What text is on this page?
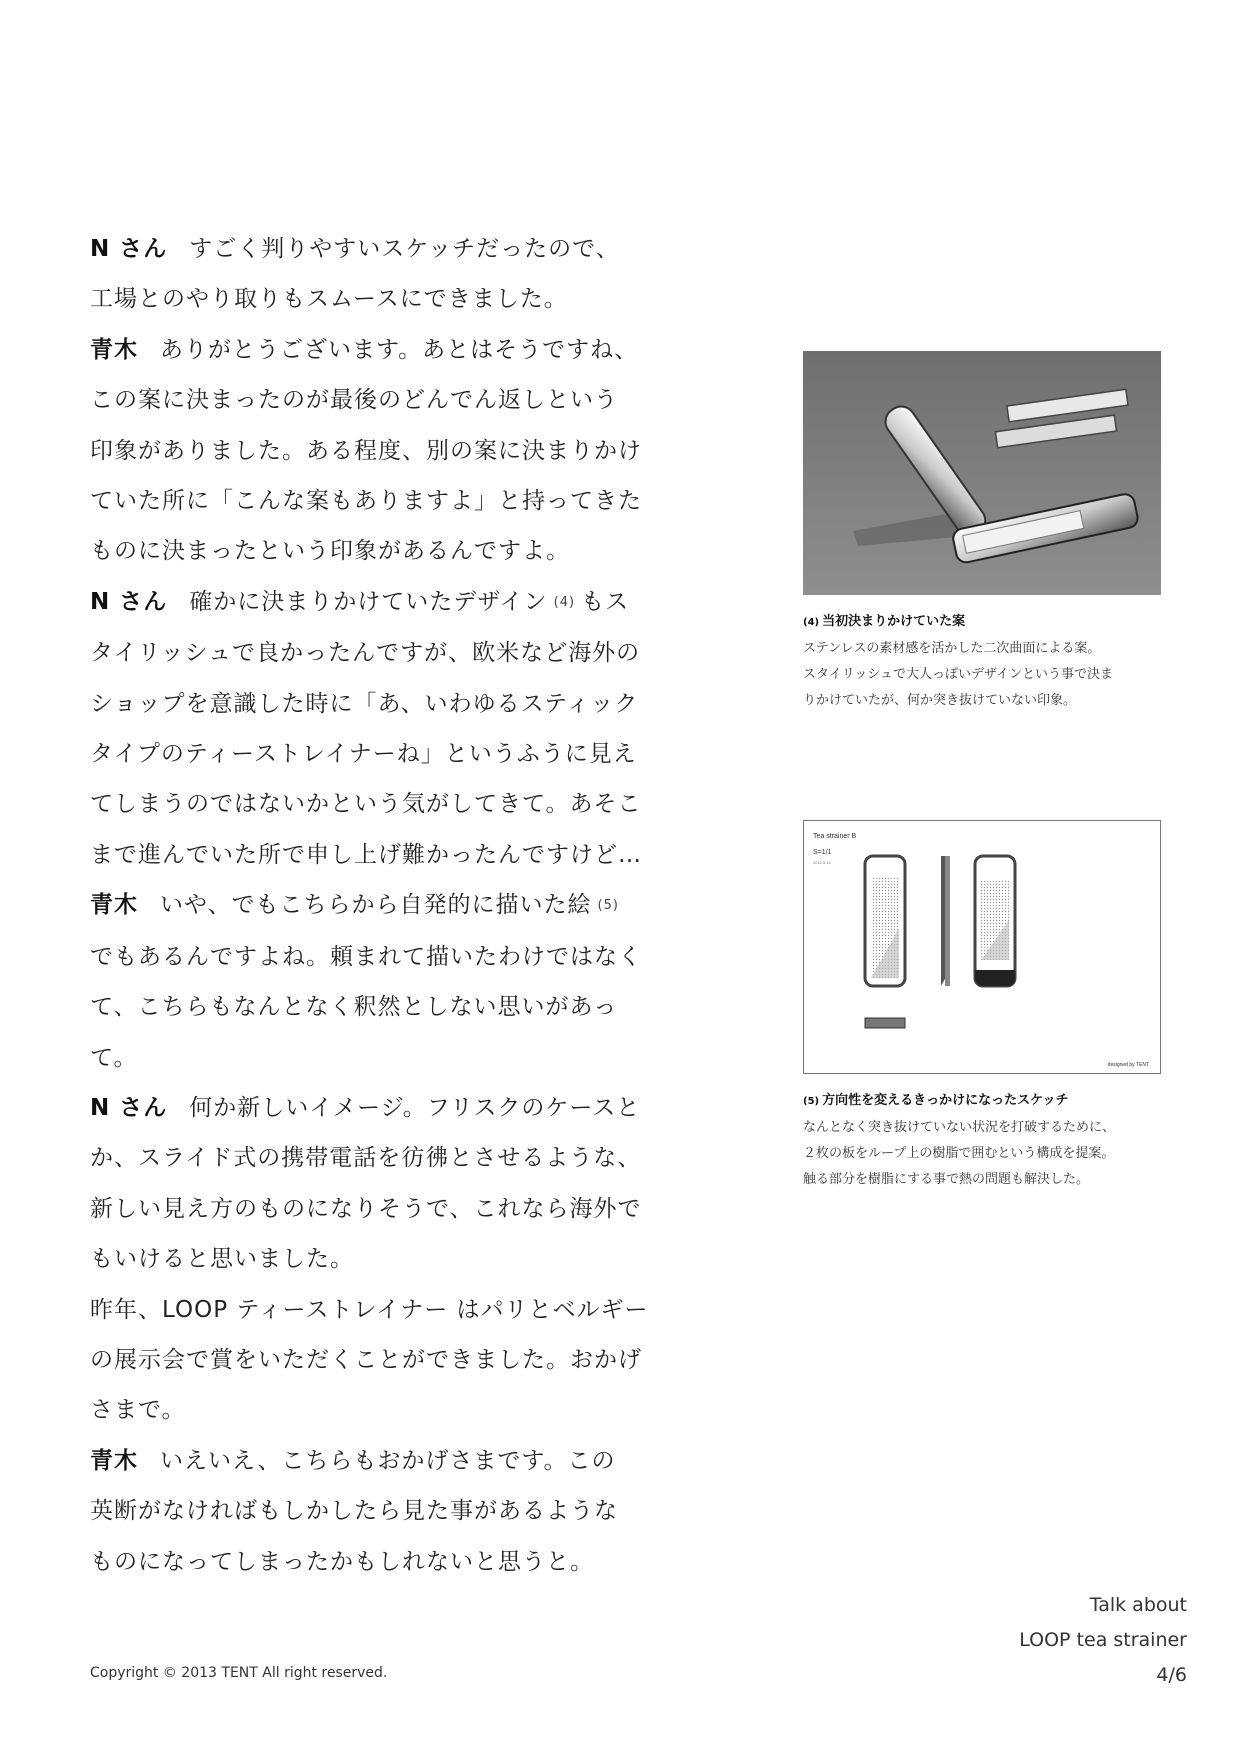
N さん すごく判りやすいスケッチだったので、
工場とのやり取りもスムースにできました。

青木 ありがとうございます。あとはそうですね、
この案に決まったのが最後のどんでん返しという
印象がありました。ある程度、別の案に決まりかけ
ていた所に「こんな案もありますよ」と持ってきた
ものに決まったという印象があるんですよ。

N さん 確かに決まりかけていたデザイン (4) もス
タイリッシュで良かったんですが、欧米など海外の
ショップを意識した時に「あ、いわゆるスティック
タイプのティーストレイナーね」というふうに見え
てしまうのではないかという気がしてきて。あそこ
まで進んでいた所で申し上げ難かったんですけど…

青木 いや、でもこちらから自発的に描いた絵 (5)
でもあるんですよね。頼まれて描いたわけではなく
て、こちらもなんとなく釈然としない思いがあって。

N さん 何か新しいイメージ。フリスクのケースと
か、スライド式の携帯電話を彷彿とさせるような、
新しい見え方のものになりそうで、これなら海外で
もいけると思いました。
昨年、LOOP ティーストレイナー はパリとベルギー
の展示会で賞をいただくことができました。おかげ
さまで。

青木 いえいえ、こちらもおかげさまです。この
英断がなければもしかしたら見た事があるような
ものになってしまったかもしれないと思うと。

(4) 当初決まりかけていた案
ステンレスの素材感を活かした二次曲面による案。
スタイリッシュで大人っぽいデザインという事で決ま
りかけていたが、何か突き抜けていない印象。
Tea strainer B
S=1/1
2012.5.15
designed by TENT
(5) 方向性を変えるきっかけになったスケッチ
なんとなく突き抜けていない状況を打破するために、
２枚の板をループ上の樹脂で囲むという構成を提案。
触る部分を樹脂にする事で熱の問題も解決した。
Copyright © 2013 TENT All right reserved.
Talk about
LOOP tea strainer
4/6
